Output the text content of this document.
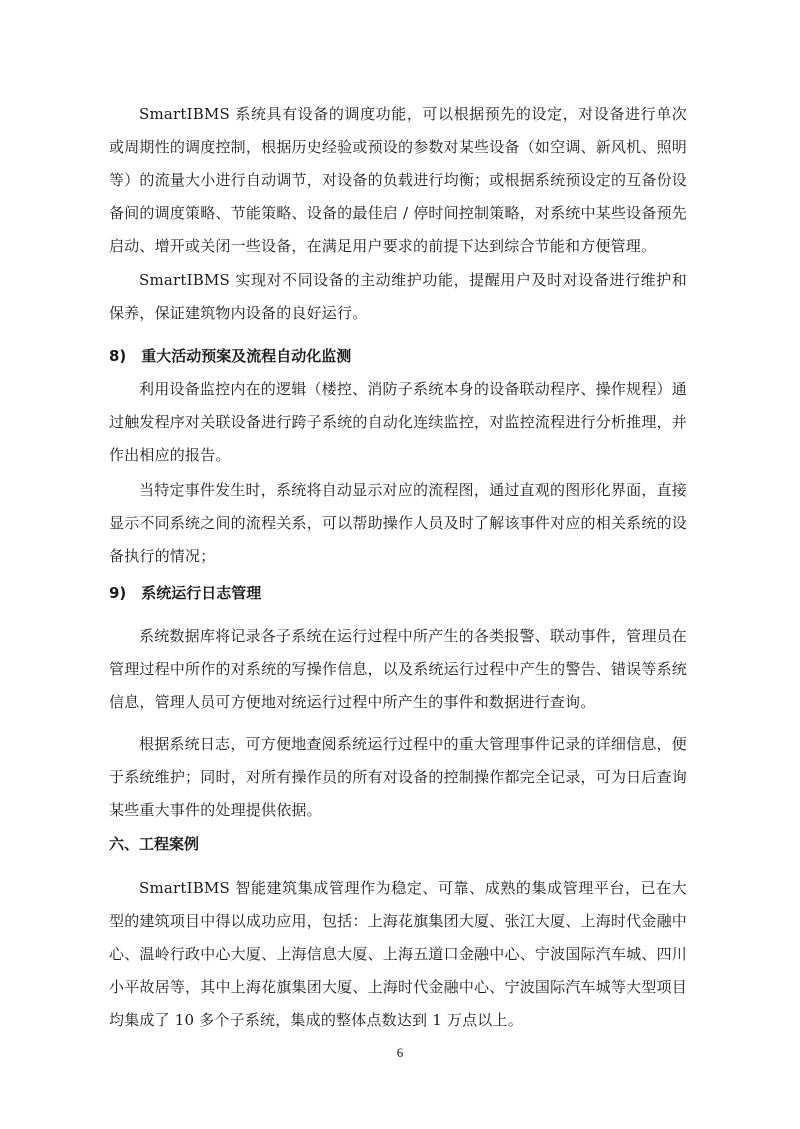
SmartIBMS 系统具有设备的调度功能，可以根据预先的设定，对设备进行单次或周期性的调度控制，根据历史经验或预设的参数对某些设备（如空调、新风机、照明等）的流量大小进行自动调节，对设备的负载进行均衡；或根据系统预设定的互备份设备间的调度策略、节能策略、设备的最佳启 / 停时间控制策略，对系统中某些设备预先启动、增开或关闭一些设备，在满足用户要求的前提下达到综合节能和方便管理。

SmartIBMS 实现对不同设备的主动维护功能，提醒用户及时对设备进行维护和保养，保证建筑物内设备的良好运行。

8)　重大活动预案及流程自动化监测

利用设备监控内在的逻辑（楼控、消防子系统本身的设备联动程序、操作规程）通过触发程序对关联设备进行跨子系统的自动化连续监控，对监控流程进行分析推理，并作出相应的报告。

当特定事件发生时，系统将自动显示对应的流程图，通过直观的图形化界面，直接显示不同系统之间的流程关系，可以帮助操作人员及时了解该事件对应的相关系统的设备执行的情况；

9)　系统运行日志管理

系统数据库将记录各子系统在运行过程中所产生的各类报警、联动事件，管理员在管理过程中所作的对系统的写操作信息，以及系统运行过程中产生的警告、错误等系统信息，管理人员可方便地对统运行过程中所产生的事件和数据进行查询。

根据系统日志，可方便地查阅系统运行过程中的重大管理事件记录的详细信息，便于系统维护；同时，对所有操作员的所有对设备的控制操作都完全记录，可为日后查询某些重大事件的处理提供依据。

六、工程案例

SmartIBMS 智能建筑集成管理作为稳定、可靠、成熟的集成管理平台，已在大型的建筑项目中得以成功应用，包括：上海花旗集团大厦、张江大厦、上海时代金融中心、温岭行政中心大厦、上海信息大厦、上海五道口金融中心、宁波国际汽车城、四川小平故居等，其中上海花旗集团大厦、上海时代金融中心、宁波国际汽车城等大型项目均集成了 10 多个子系统，集成的整体点数达到 1 万点以上。

6
